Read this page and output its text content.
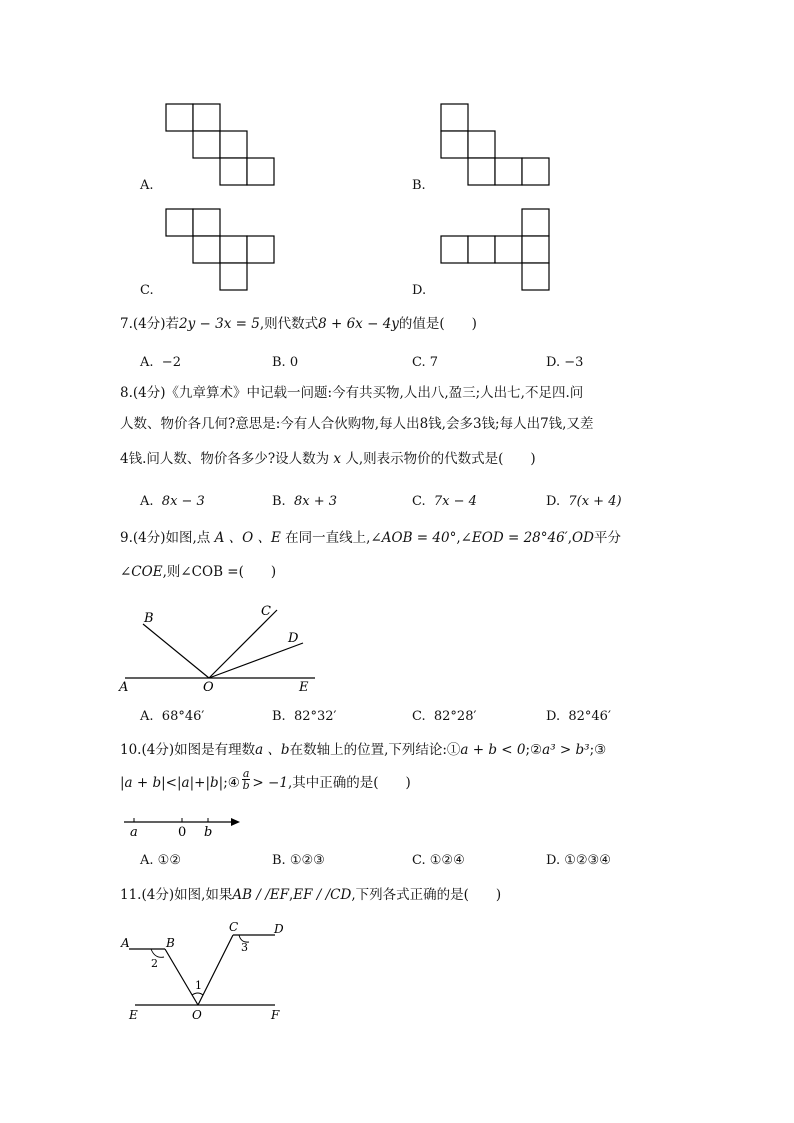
A.	B.
C.	D.
7.(4分)若2y − 3x = 5,则代数式8 + 6x − 4y的值是(　　)
A. −2	B. 0	C. 7	D. −3
8.(4分)《九章算术》中记载一问题:今有共买物,人出八,盈三;人出七,不足四.问
人数、物价各几何?意思是:今有人合伙购物,每人出8钱,会多3钱;每人出7钱,又差
4钱.问人数、物价各多少?设人数为 x 人,则表示物价的代数式是(　　)
A. 8x − 3	B. 8x + 3	C. 7x − 4	D. 7(x + 4)
9.(4分)如图,点 A 、O 、E 在同一直线上,∠AOB = 40°,∠EOD = 28°46′,OD平分
∠COE,则∠COB =(　　)
B	C
D
A	O	E
A. 68°46′	B. 82°32′	C. 82°28′	D. 82°46′
10.(4分)如图是有理数a 、b在数轴上的位置,下列结论:①a + b < 0;②a³ > b³;③
|a + b|<|a|+|b|;④ $\frac{a}{b} > -1$,其中正确的是(　　)
a	0 b
A. ①②	B. ①②③	C. ①②④	D. ①②③④
11.(4分)如图,如果AB / /EF,EF / /CD,下列各式正确的是(　　)
A	B
C	D
E	O	F
1
2
3
